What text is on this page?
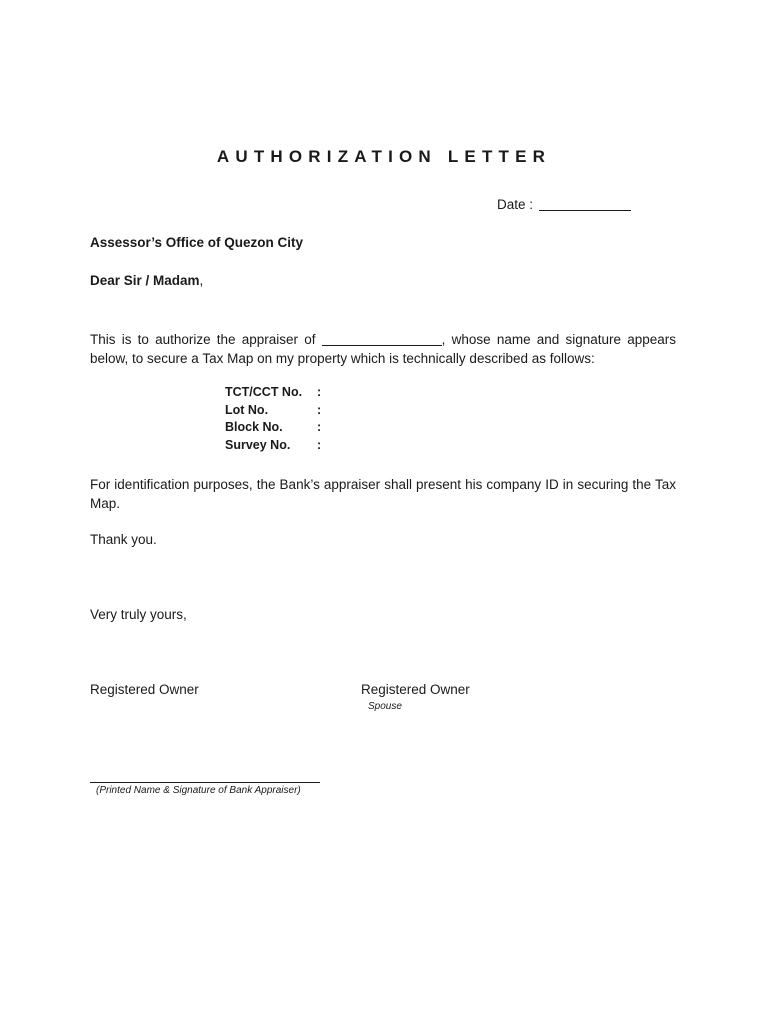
AUTHORIZATION LETTER
Date :
Assessor’s Office of Quezon City
Dear Sir / Madam,
This is to authorize the appraiser of	, whose name and signature appears below, to secure a Tax Map on my property which is technically described as follows:
TCT/CCT No.	:
Lot No.	:
Block No.	:
Survey No.	:
For identification purposes, the Bank’s appraiser shall present his company ID in securing the Tax Map.
Thank you.
Very truly yours,
Registered Owner	Registered Owner
Spouse
(Printed Name & Signature of Bank Appraiser)
